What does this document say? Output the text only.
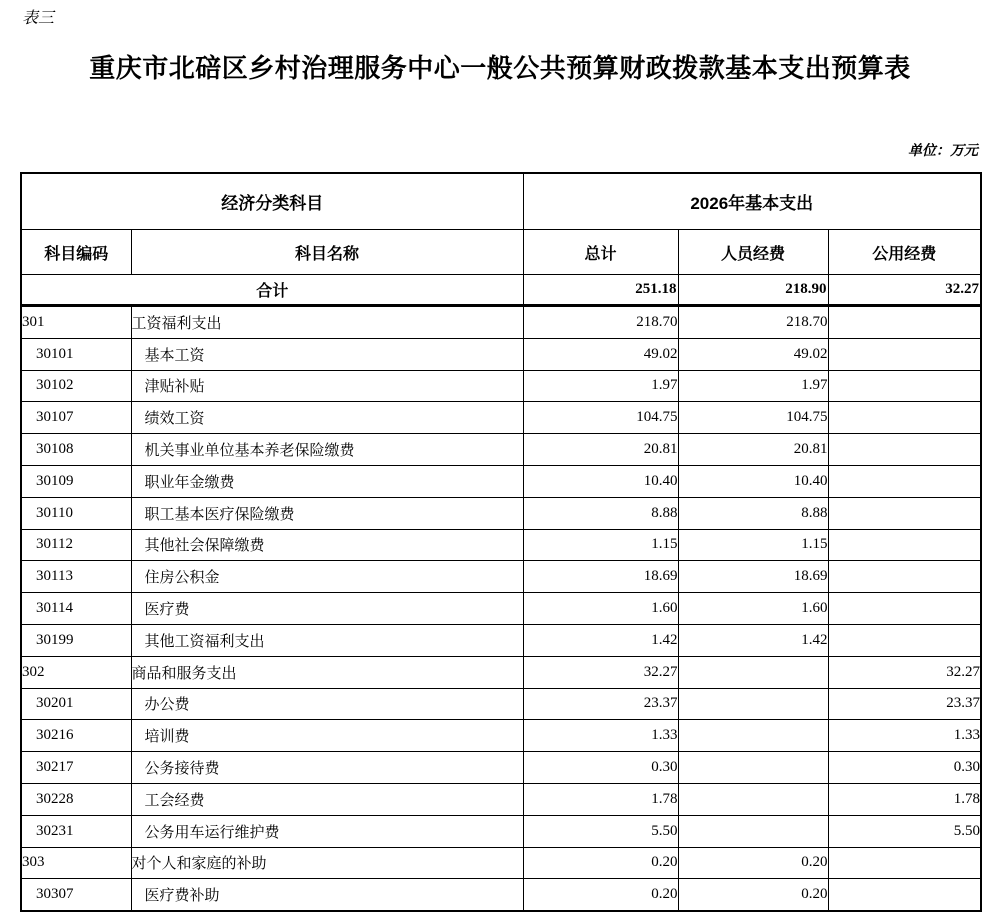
表三
重庆市北碚区乡村治理服务中心一般公共预算财政拨款基本支出预算表
单位：万元
经济分类科目		2026年基本支出		
科目编码	科目名称	总计	人员经费	公用经费
合计		251.18	218.90	32.27
301	工资福利支出	218.70	218.70	
30101	基本工资	49.02	49.02	
30102	津贴补贴	1.97	1.97	
30107	绩效工资	104.75	104.75	
30108	机关事业单位基本养老保险缴费	20.81	20.81	
30109	职业年金缴费	10.40	10.40	
30110	职工基本医疗保险缴费	8.88	8.88	
30112	其他社会保障缴费	1.15	1.15	
30113	住房公积金	18.69	18.69	
30114	医疗费	1.60	1.60	
30199	其他工资福利支出	1.42	1.42	
302	商品和服务支出	32.27		32.27
30201	办公费	23.37		23.37
30216	培训费	1.33		1.33
30217	公务接待费	0.30		0.30
30228	工会经费	1.78		1.78
30231	公务用车运行维护费	5.50		5.50
303	对个人和家庭的补助	0.20	0.20	
30307	医疗费补助	0.20	0.20	
